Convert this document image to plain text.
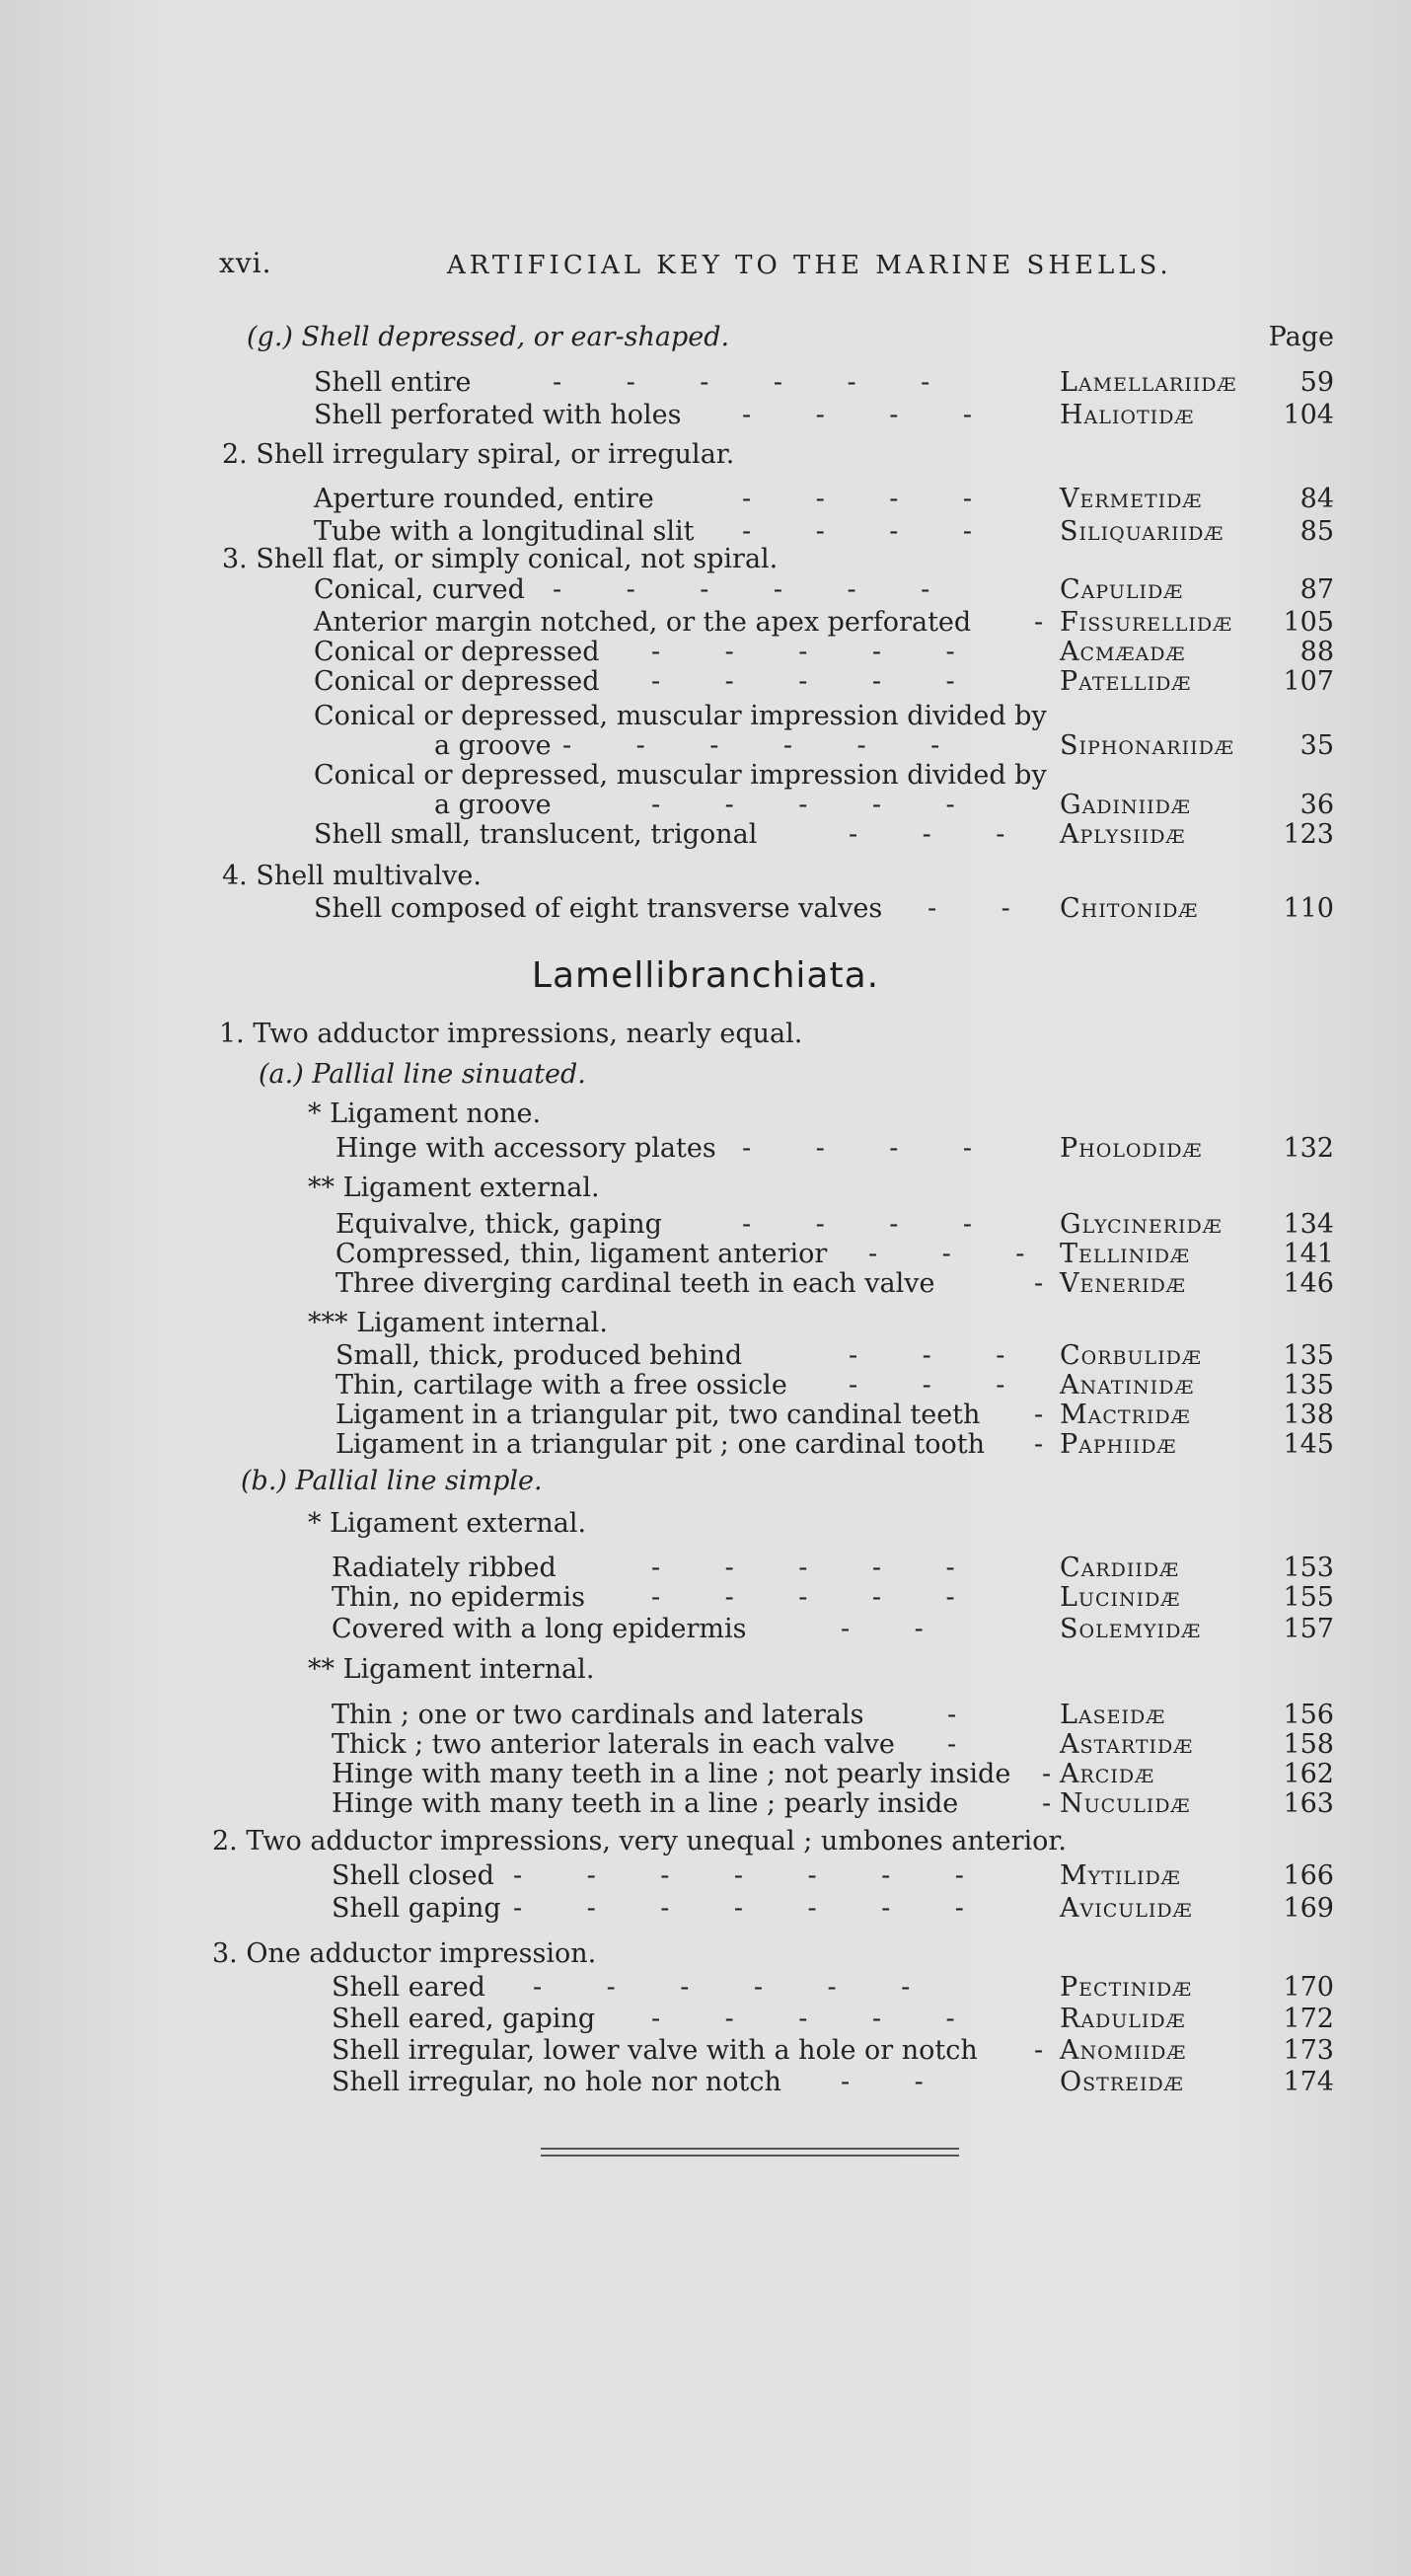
xvi.	ARTIFICIAL KEY TO THE MARINE SHELLS.
(g.) Shell depressed, or ear-shaped.	Page
Shell entire	-      -      -      -      -      -	Lamellariidæ 59
Shell perforated with holes -      -      -      -	Haliotidæ	104
2. Shell irregulary spiral, or irregular.
Aperture rounded, entire	-      -      -      -	Vermetidæ	84
Tube with a longitudinal slit -      -      -      -	Siliquariidæ	85
3. Shell flat, or simply conical, not spiral.
Conical, curved -      -      -      -      -      -	Capulidæ	87
Anterior margin notched, or the apex perforated - Fissurellidæ 105
Conical or depressed -      -      -      -      -	Acmæadæ	88
Conical or depressed -      -      -      -      -	Patellidæ	107
Conical or depressed, muscular impression divided by
a groove -      -      -      -      -      -	Siphonariidæ 35
Conical or depressed, muscular impression divided by
a groove	-      -      -      -      -	Gadiniidæ	36
Shell small, translucent, trigonal	-      -      - Aplysiidæ	123
4. Shell multivalve.
Shell composed of eight transverse valves -      - Chitonidæ	110
Lamellibranchiata.
1. Two adductor impressions, nearly equal.
(a.) Pallial line sinuated.
* Ligament none.
Hinge with accessory plates -      -      -      -	Pholodidæ	132
** Ligament external.
Equivalve, thick, gaping	-      -      -      -	Glycineridæ 134
Compressed, thin, ligament anterior -      -      - Tellinidæ	141
Three diverging cardinal teeth in each valve	- Veneridæ	146
*** Ligament internal.
Small, thick, produced behind	-      -      - Corbulidæ	135
Thin, cartilage with a free ossicle -      -      - Anatinidæ	135
Ligament in a triangular pit, two candinal teeth - Mactridæ	138
Ligament in a triangular pit ; one cardinal tooth - Paphiidæ	145
(b.) Pallial line simple.
* Ligament external.
Radiately ribbed	-      -      -      -      -	Cardiidæ	153
Thin, no epidermis -      -      -      -      -	Lucinidæ	155
Covered with a long epidermis	-      -	Solemyidæ	157
** Ligament internal.
Thin ; one or two cardinals and laterals	-	Laseidæ	156
Thick ; two anterior laterals in each valve -	Astartidæ	158
Hinge with many teeth in a line ; not pearly inside - Arcidæ	162
Hinge with many teeth in a line ; pearly inside	- Nuculidæ	163
2. Two adductor impressions, very unequal ; umbones anterior.
Shell closed -      -      -      -      -      -      -	Mytilidæ	166
Shell gaping -      -      -      -      -      -      -	Aviculidæ	169
3. One adductor impression.
Shell eared -      -      -      -      -      -	Pectinidæ	170
Shell eared, gaping -      -      -      -      -	Radulidæ	172
Shell irregular, lower valve with a hole or notch - Anomiidæ	173
Shell irregular, no hole nor notch -      -	Ostreidæ	174
